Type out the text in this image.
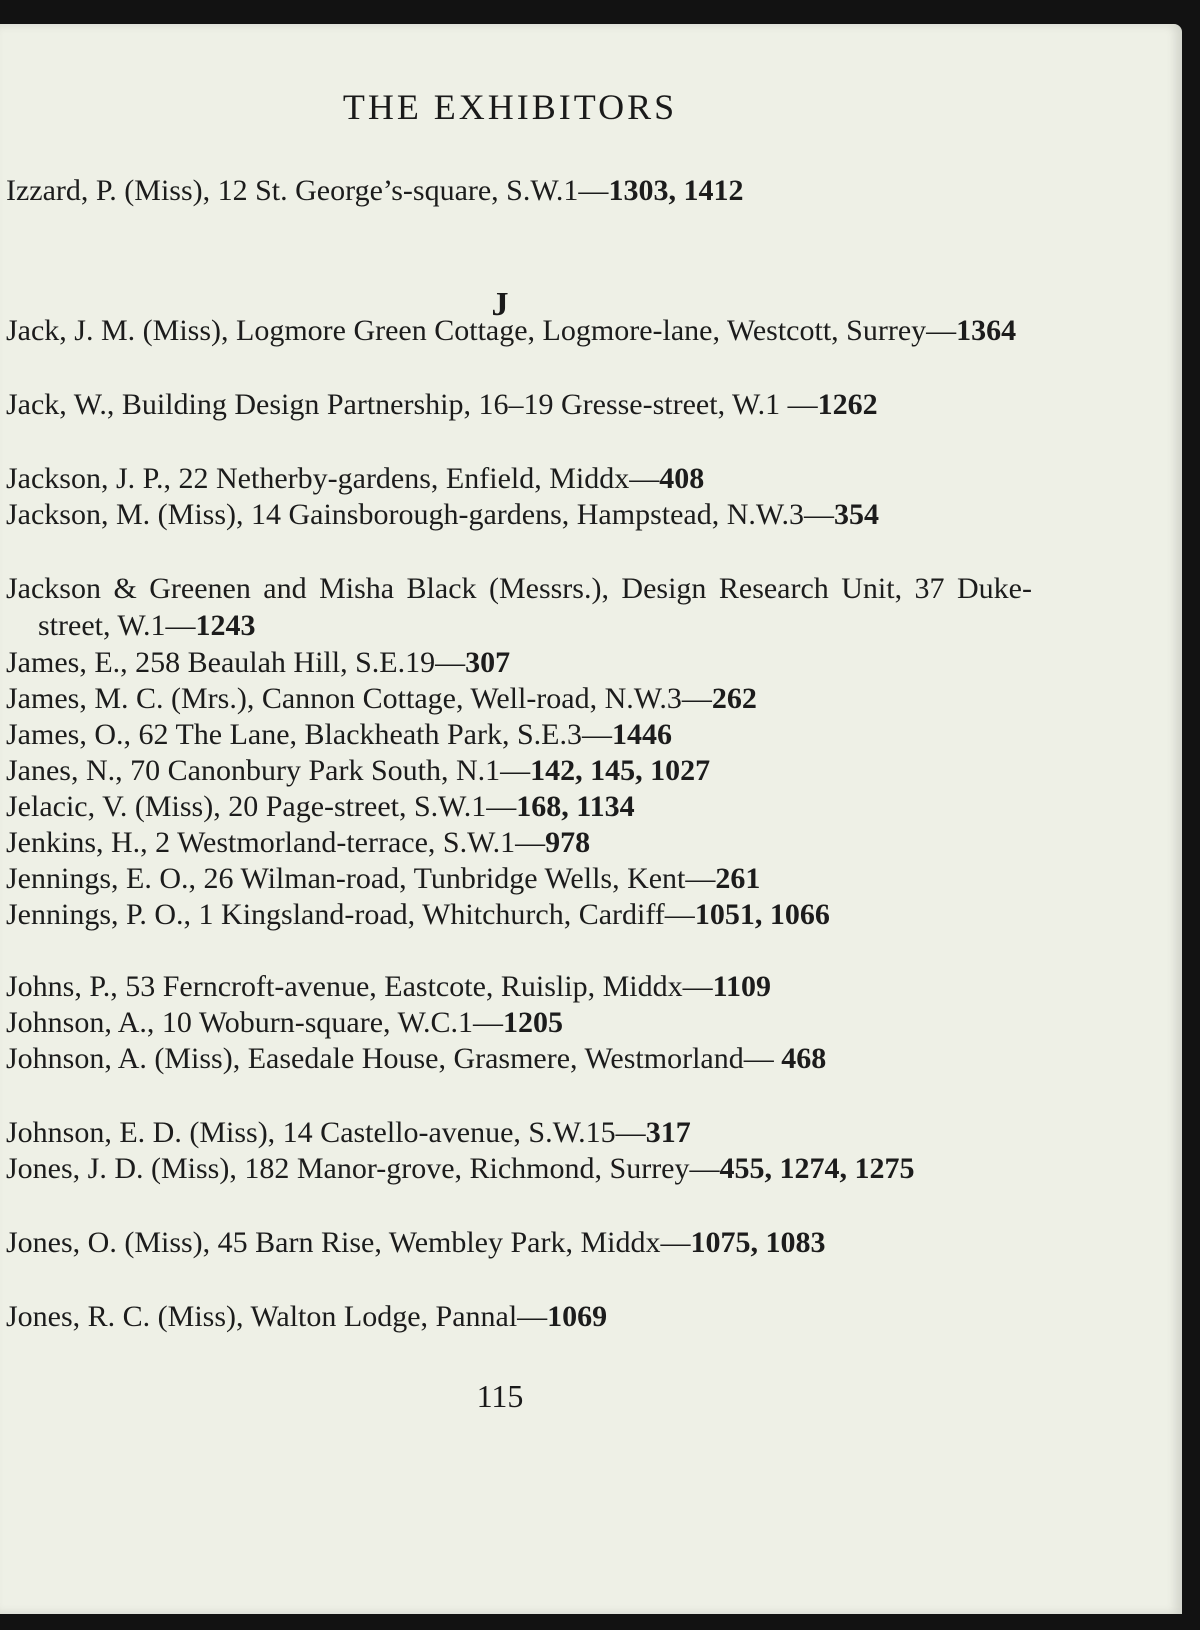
THE EXHIBITORS
Izzard, P. (Miss), 12 St. George’s-square, S.W.1—1303, 1412
J
Jack, J. M. (Miss), Logmore Green Cottage, Logmore-lane, Westcott, Surrey—1364
Jack, W., Building Design Partnership, 16–19 Gresse-street, W.1 —1262
Jackson, J. P., 22 Netherby-gardens, Enfield, Middx—408
Jackson, M. (Miss), 14 Gainsborough-gardens, Hampstead, N.W.3—354
Jackson & Greenen and Misha Black (Messrs.), Design Research Unit, 37 Duke-street, W.1—1243
James, E., 258 Beaulah Hill, S.E.19—307
James, M. C. (Mrs.), Cannon Cottage, Well-road, N.W.3—262
James, O., 62 The Lane, Blackheath Park, S.E.3—1446
Janes, N., 70 Canonbury Park South, N.1—142, 145, 1027
Jelacic, V. (Miss), 20 Page-street, S.W.1—168, 1134
Jenkins, H., 2 Westmorland-terrace, S.W.1—978
Jennings, E. O., 26 Wilman-road, Tunbridge Wells, Kent—261
Jennings, P. O., 1 Kingsland-road, Whitchurch, Cardiff—1051, 1066
Johns, P., 53 Ferncroft-avenue, Eastcote, Ruislip, Middx—1109
Johnson, A., 10 Woburn-square, W.C.1—1205
Johnson, A. (Miss), Easedale House, Grasmere, Westmorland— 468
Johnson, E. D. (Miss), 14 Castello-avenue, S.W.15—317
Jones, J. D. (Miss), 182 Manor-grove, Richmond, Surrey—455, 1274, 1275
Jones, O. (Miss), 45 Barn Rise, Wembley Park, Middx—1075, 1083
Jones, R. C. (Miss), Walton Lodge, Pannal—1069
115
